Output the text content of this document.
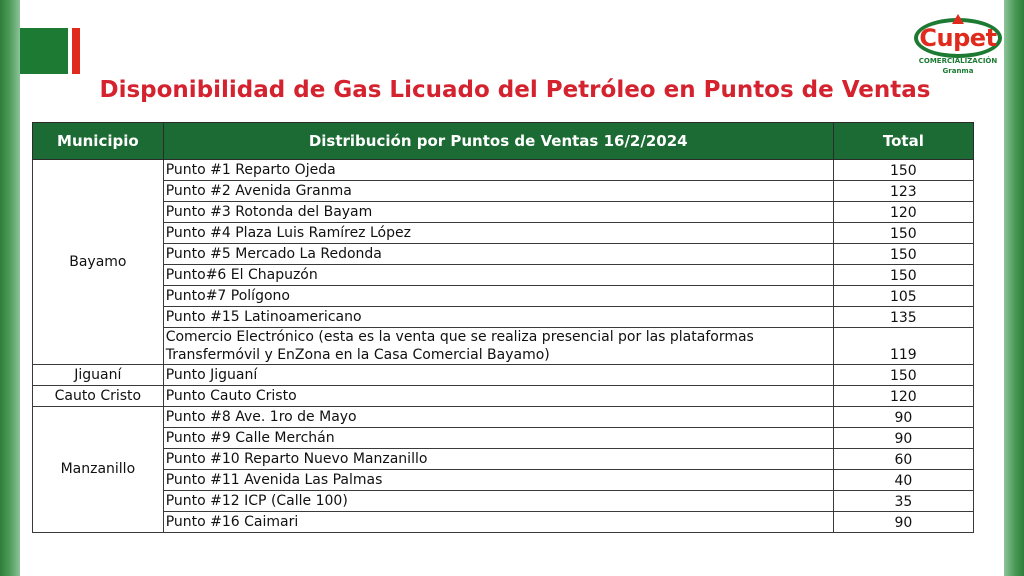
Cupet
COMERCIALIZACIÓN
Granma
Disponibilidad de Gas Licuado del Petróleo en Puntos de Ventas
Municipio	Distribución por Puntos de Ventas 16/2/2024	Total
Bayamo	Punto #1 Reparto Ojeda	150
	Punto #2 Avenida Granma	123
	Punto #3 Rotonda del Bayam	120
	Punto #4 Plaza Luis Ramírez López	150
	Punto #5 Mercado La Redonda	150
	Punto#6 El Chapuzón	150
	Punto#7 Polígono	105
	Punto #15 Latinoamericano	135
	Comercio Electrónico (esta es la venta que se realiza presencial por las plataformas Transfermóvil y EnZona en la Casa Comercial Bayamo)	119
Jiguaní	Punto Jiguaní	150
Cauto Cristo	Punto Cauto Cristo	120
Manzanillo	Punto #8 Ave. 1ro de Mayo	90
	Punto #9 Calle Merchán	90
	Punto #10 Reparto Nuevo Manzanillo	60
	Punto #11 Avenida Las Palmas	40
	Punto #12 ICP (Calle 100)	35
	Punto #16 Caimari	90
